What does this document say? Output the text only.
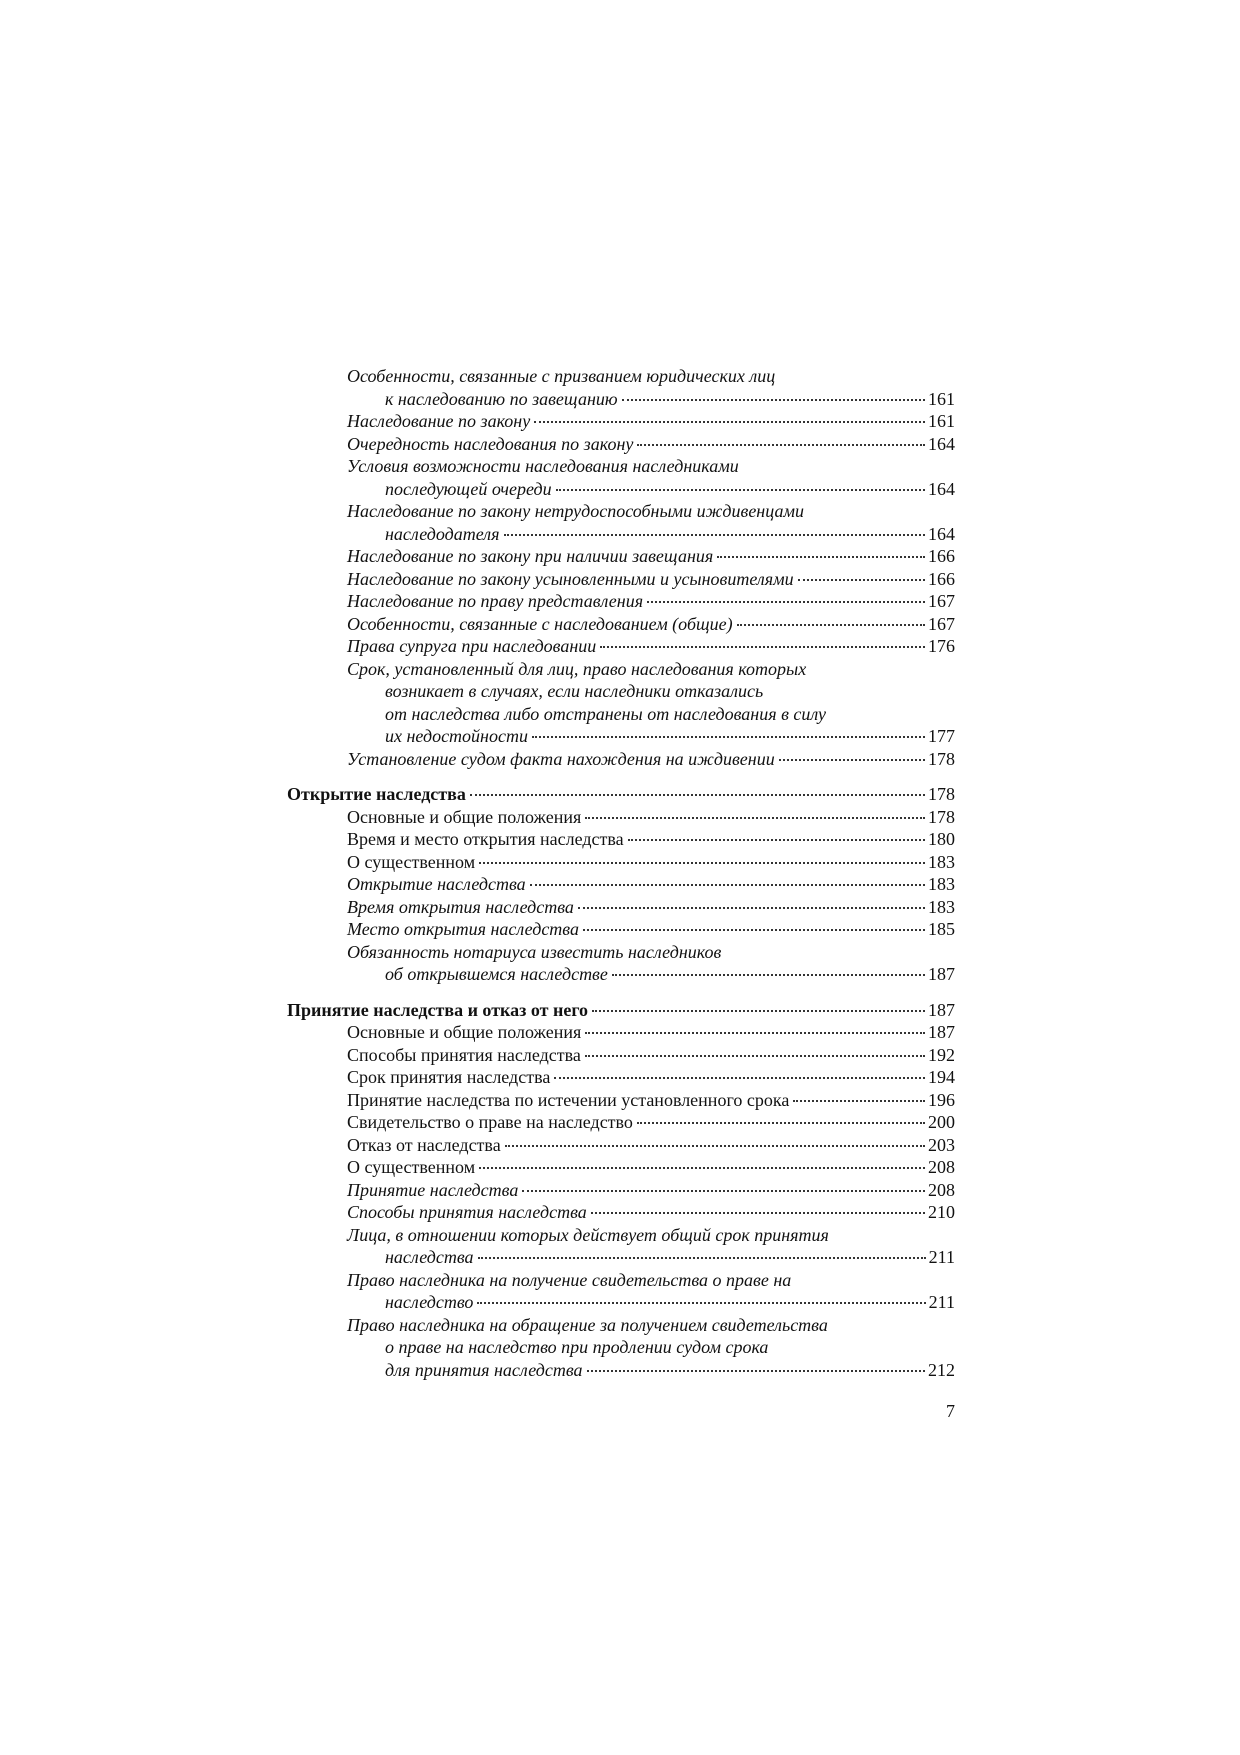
Особенности, связанные с призванием юридических лиц
к наследованию по завещанию	161
Наследование по закону	161
Очередность наследования по закону	164
Условия возможности наследования наследниками
последующей очереди	164
Наследование по закону нетрудоспособными иждивенцами
наследодателя	164
Наследование по закону при наличии завещания	166
Наследование по закону усыновленными и усыновителями	166
Наследование по праву представления	167
Особенности, связанные с наследованием (общие)	167
Права супруга при наследовании	176
Срок, установленный для лиц, право наследования которых
возникает в случаях, если наследники отказались
от наследства либо отстранены от наследования в силу
их недостойности	177
Установление судом факта нахождения на иждивении	178
Открытие наследства	178
Основные и общие положения	178
Время и место открытия наследства	180
О существенном	183
Открытие наследства	183
Время открытия наследства	183
Место открытия наследства	185
Обязанность нотариуса известить наследников
об открывшемся наследстве	187
Принятие наследства и отказ от него	187
Основные и общие положения	187
Способы принятия наследства	192
Срок принятия наследства	194
Принятие наследства по истечении установленного срока	196
Свидетельство о праве на наследство	200
Отказ от наследства	203
О существенном	208
Принятие наследства	208
Способы принятия наследства	210
Лица, в отношении которых действует общий срок принятия
наследства	211
Право наследника на получение свидетельства о праве на
наследство	211
Право наследника на обращение за получением свидетельства
о праве на наследство при продлении судом срока
для принятия наследства	212
7
